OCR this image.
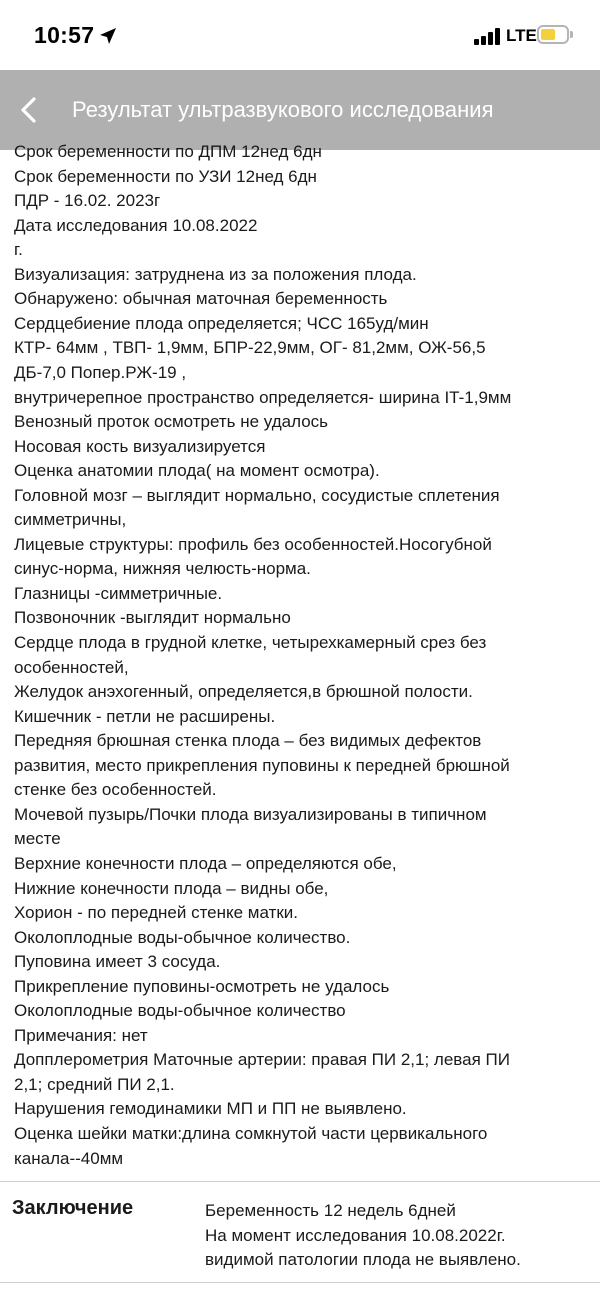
10:57	LTE
Результат ультразвукового исследования
Срок беременности по ДПМ 12нед 6дн
Срок беременности по УЗИ 12нед 6дн
ПДР - 16.02. 2023г
Дата исследования 10.08.2022
г.
Визуализация: затруднена из за положения плода.
Обнаружено: обычная маточная беременность
Сердцебиение плода определяется; ЧСС 165уд/мин
КТР- 64мм , ТВП- 1,9мм, БПР-22,9мм, ОГ- 81,2мм, ОЖ-56,5
ДБ-7,0 Попер.РЖ-19 ,
внутричерепное пространство определяется- ширина IT-1,9мм
Венозный проток осмотреть не удалось
Носовая кость визуализируется
Оценка анатомии плода( на момент осмотра).
Головной мозг – выглядит нормально, сосудистые сплетения
симметричны,
Лицевые структуры: профиль без особенностей.Носогубной
синус-норма, нижняя челюсть-норма.
Глазницы -симметричные.
Позвоночник -выглядит нормально
Сердце плода в грудной клетке, четырехкамерный срез без
особенностей,
Желудок анэхогенный, определяется,в брюшной полости.
Кишечник - петли не расширены.
Передняя брюшная стенка плода – без видимых дефектов
развития, место прикрепления пуповины к передней брюшной
стенке без особенностей.
Мочевой пузырь/Почки плода визуализированы в типичном
месте
Верхние конечности плода – определяются обе,
Нижние конечности плода – видны обе,
Хорион - по передней стенке матки.
Околоплодные воды-обычное количество.
Пуповина имеет 3 сосуда.
Прикрепление пуповины-осмотреть не удалось
Околоплодные воды-обычное количество
Примечания: нет
Допплерометрия Маточные артерии: правая ПИ 2,1; левая ПИ
2,1; средний ПИ 2,1.
Нарушения гемодинамики МП и ПП не выявлено.
Оценка шейки матки:длина сомкнутой части цервикального
канала--40мм
Заключение	Беременность 12 недель 6дней
На момент исследования 10.08.2022г.
видимой патологии плода не выявлено.
